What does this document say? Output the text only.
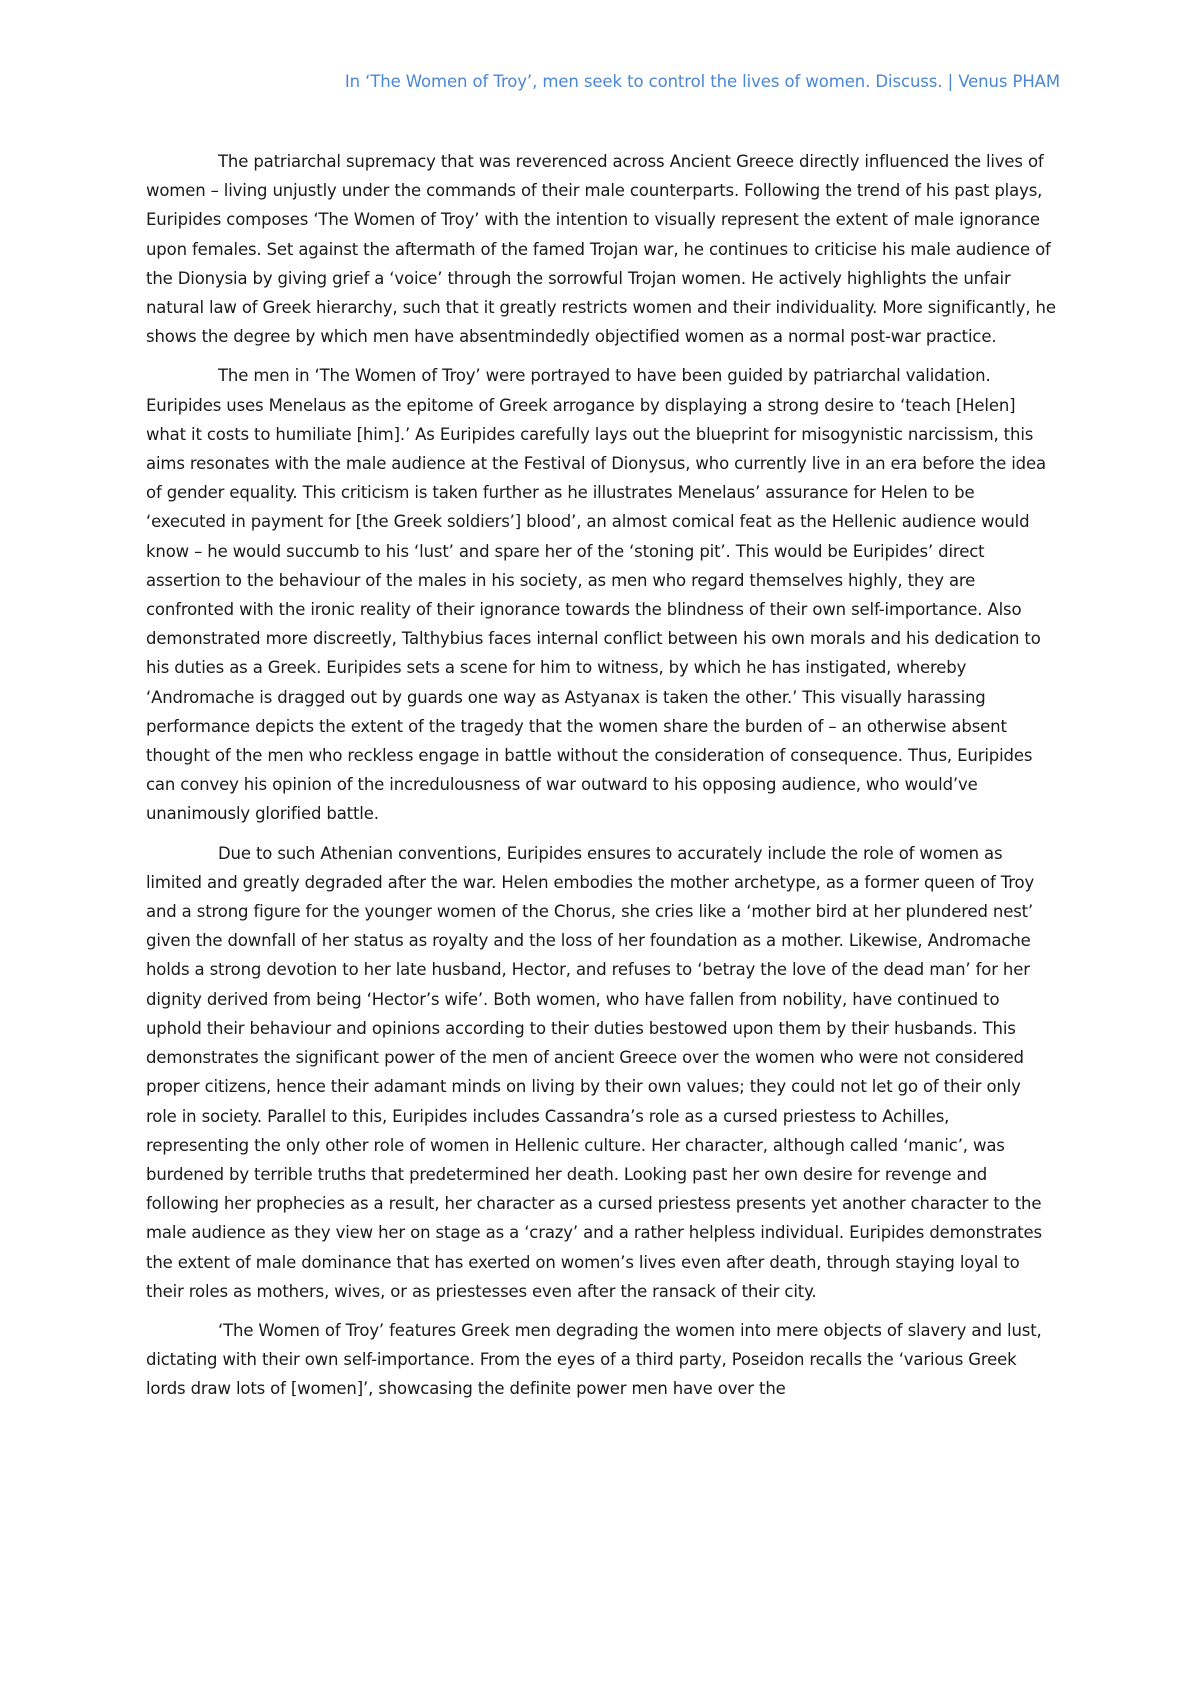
In ‘The Women of Troy’, men seek to control the lives of women. Discuss. | Venus PHAM

The patriarchal supremacy that was reverenced across Ancient Greece directly influenced the lives of women – living unjustly under the commands of their male counterparts. Following the trend of his past plays, Euripides composes ‘The Women of Troy’ with the intention to visually represent the extent of male ignorance upon females. Set against the aftermath of the famed Trojan war, he continues to criticise his male audience of the Dionysia by giving grief a ‘voice’ through the sorrowful Trojan women. He actively highlights the unfair natural law of Greek hierarchy, such that it greatly restricts women and their individuality. More significantly, he shows the degree by which men have absentmindedly objectified women as a normal post-war practice.

The men in ‘The Women of Troy’ were portrayed to have been guided by patriarchal validation. Euripides uses Menelaus as the epitome of Greek arrogance by displaying a strong desire to ‘teach [Helen] what it costs to humiliate [him].’ As Euripides carefully lays out the blueprint for misogynistic narcissism, this aims resonates with the male audience at the Festival of Dionysus, who currently live in an era before the idea of gender equality. This criticism is taken further as he illustrates Menelaus’ assurance for Helen to be ‘executed in payment for [the Greek soldiers’] blood’, an almost comical feat as the Hellenic audience would know – he would succumb to his ‘lust’ and spare her of the ‘stoning pit’. This would be Euripides’ direct assertion to the behaviour of the males in his society, as men who regard themselves highly, they are confronted with the ironic reality of their ignorance towards the blindness of their own self-importance. Also demonstrated more discreetly, Talthybius faces internal conflict between his own morals and his dedication to his duties as a Greek. Euripides sets a scene for him to witness, by which he has instigated, whereby ‘Andromache is dragged out by guards one way as Astyanax is taken the other.’ This visually harassing performance depicts the extent of the tragedy that the women share the burden of – an otherwise absent thought of the men who reckless engage in battle without the consideration of consequence. Thus, Euripides can convey his opinion of the incredulousness of war outward to his opposing audience, who would’ve unanimously glorified battle.

Due to such Athenian conventions, Euripides ensures to accurately include the role of women as limited and greatly degraded after the war. Helen embodies the mother archetype, as a former queen of Troy and a strong figure for the younger women of the Chorus, she cries like a ‘mother bird at her plundered nest’ given the downfall of her status as royalty and the loss of her foundation as a mother. Likewise, Andromache holds a strong devotion to her late husband, Hector, and refuses to ‘betray the love of the dead man’ for her dignity derived from being ‘Hector’s wife’. Both women, who have fallen from nobility, have continued to uphold their behaviour and opinions according to their duties bestowed upon them by their husbands. This demonstrates the significant power of the men of ancient Greece over the women who were not considered proper citizens, hence their adamant minds on living by their own values; they could not let go of their only role in society. Parallel to this, Euripides includes Cassandra’s role as a cursed priestess to Achilles, representing the only other role of women in Hellenic culture. Her character, although called ‘manic’, was burdened by terrible truths that predetermined her death. Looking past her own desire for revenge and following her prophecies as a result, her character as a cursed priestess presents yet another character to the male audience as they view her on stage as a ‘crazy’ and a rather helpless individual. Euripides demonstrates the extent of male dominance that has exerted on women’s lives even after death, through staying loyal to their roles as mothers, wives, or as priestesses even after the ransack of their city.

‘The Women of Troy’ features Greek men degrading the women into mere objects of slavery and lust, dictating with their own self-importance. From the eyes of a third party, Poseidon recalls the ‘various Greek lords draw lots of [women]’, showcasing the definite power men have over the
